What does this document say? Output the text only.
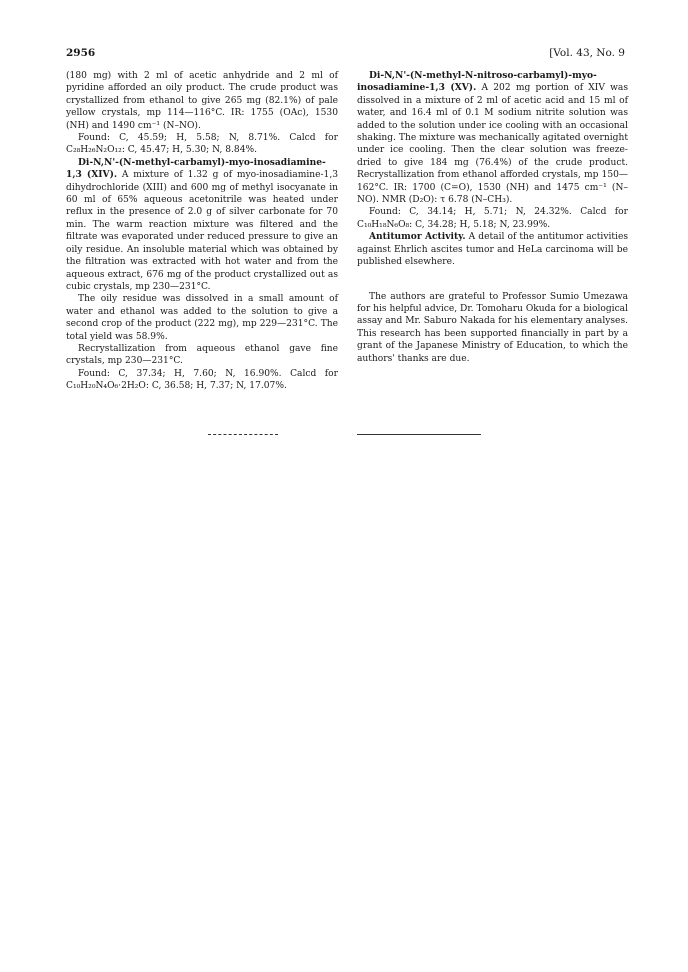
2956	[Vol. 43, No. 9

(180 mg) with 2 ml of acetic anhydride and 2 ml of pyridine afforded an oily product. The crude product was crystallized from ethanol to give 265 mg (82.1%) of pale yellow crystals, mp 114—116°C. IR: 1755 (OAc), 1530 (NH) and 1490 cm⁻¹ (N–NO).

Found: C, 45.59; H, 5.58; N, 8.71%. Calcd for C₂₈H₂₆N₂O₁₂: C, 45.47; H, 5.30; N, 8.84%.

Di-N,N'-(N-methyl-carbamyl)-myo-inosadiamine-1,3 (XIV). A mixture of 1.32 g of myo-inosadiamine-1,3 dihydrochloride (XIII) and 600 mg of methyl isocyanate in 60 ml of 65% aqueous acetonitrile was heated under reflux in the presence of 2.0 g of silver carbonate for 70 min. The warm reaction mixture was filtered and the filtrate was evaporated under reduced pressure to give an oily residue. An insoluble material which was obtained by the filtration was extracted with hot water and from the aqueous extract, 676 mg of the product crystallized out as cubic crystals, mp 230—231°C.

The oily residue was dissolved in a small amount of water and ethanol was added to the solution to give a second crop of the product (222 mg), mp 229—231°C. The total yield was 58.9%.

Recrystallization from aqueous ethanol gave fine crystals, mp 230—231°C.

Found: C, 37.34; H, 7.60; N, 16.90%. Calcd for C₁₀H₂₀N₄O₆·2H₂O: C, 36.58; H, 7.37; N, 17.07%.

Di-N,N'-(N-methyl-N-nitroso-carbamyl)-myo-inosadiamine-1,3 (XV). A 202 mg portion of XIV was dissolved in a mixture of 2 ml of acetic acid and 15 ml of water, and 16.4 ml of 0.1 M sodium nitrite solution was added to the solution under ice cooling with an occasional shaking. The mixture was mechanically agitated overnight under ice cooling. Then the clear solution was freeze-dried to give 184 mg (76.4%) of the crude product. Recrystallization from ethanol afforded crystals, mp 150—162°C. IR: 1700 (C=O), 1530 (NH) and 1475 cm⁻¹ (N–NO). NMR (D₂O): τ 6.78 (N–CH₃).

Found: C, 34.14; H, 5.71; N, 24.32%. Calcd for C₁₀H₁₈N₆O₈: C, 34.28; H, 5.18; N, 23.99%.

Antitumor Activity. A detail of the antitumor activities against Ehrlich ascites tumor and HeLa carcinoma will be published elsewhere.

The authors are grateful to Professor Sumio Umezawa for his helpful advice, Dr. Tomoharu Okuda for a biological assay and Mr. Saburo Nakada for his elementary analyses. This research has been supported financially in part by a grant of the Japanese Ministry of Education, to which the authors' thanks are due.
